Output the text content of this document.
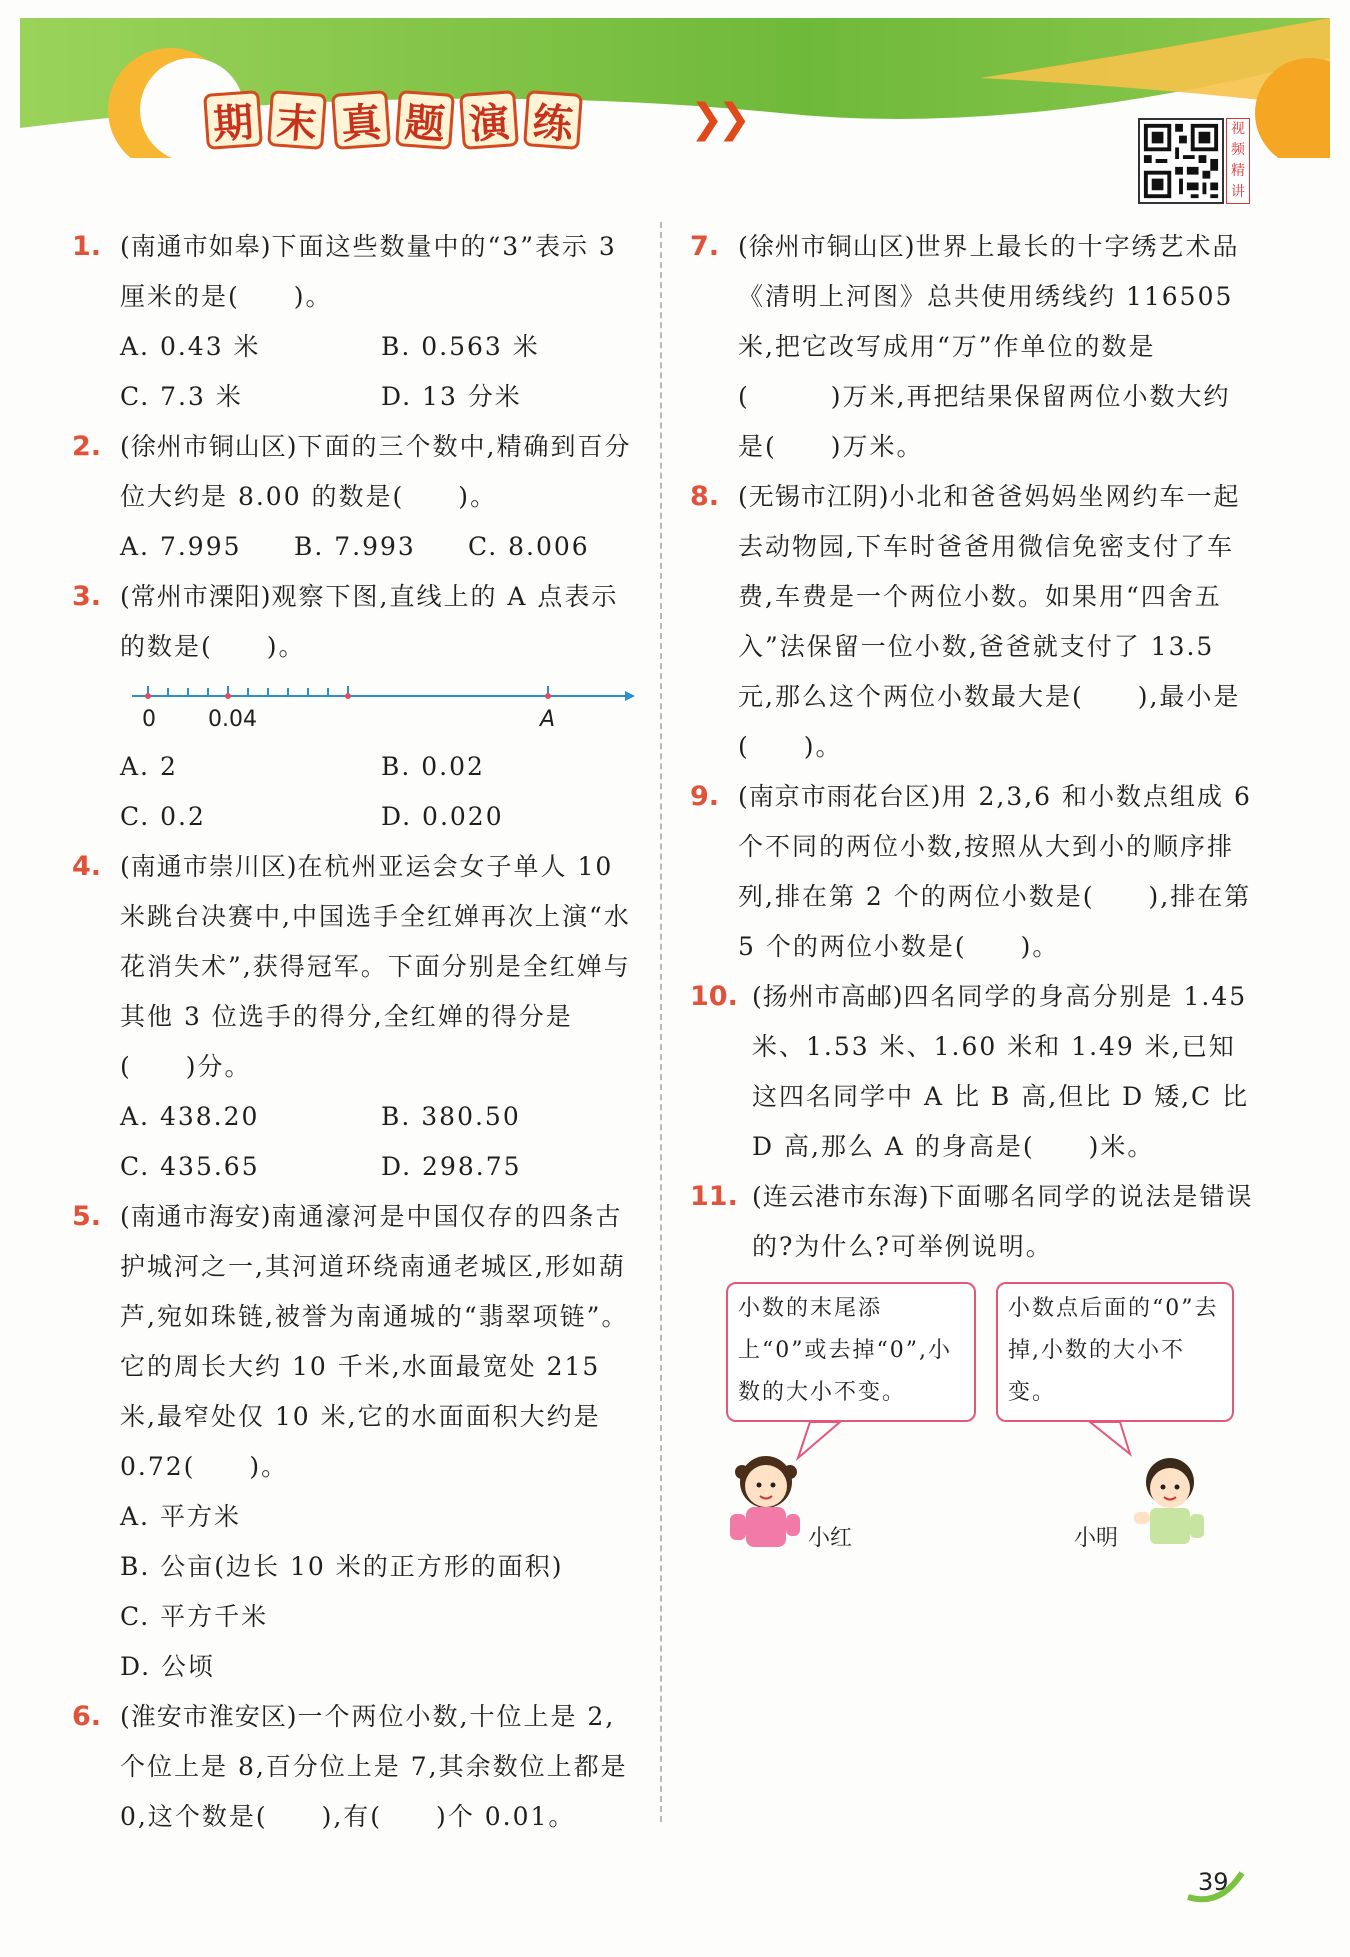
期 末 真 题 演 练	❯❯	视
频
精
讲
1. (南通市如皋)下面这些数量中的“3”表示 3 厘米的是(　　)。
A. 0.43 米	B. 0.563 米
C. 7.3 米	D. 13 分米
2. (徐州市铜山区)下面的三个数中,精确到百分位大约是 8.00 的数是(　　)。
A. 7.995	B. 7.993	C. 8.006
3. (常州市溧阳)观察下图,直线上的 A 点表示的数是(　　)。
0 0.04	A
A. 2	B. 0.02
C. 0.2	D. 0.020
4. (南通市崇川区)在杭州亚运会女子单人 10 米跳台决赛中,中国选手全红婵再次上演“水花消失术”,获得冠军。下面分别是全红婵与其他 3 位选手的得分,全红婵的得分是(　　)分。
A. 438.20	B. 380.50
C. 435.65	D. 298.75
5. (南通市海安)南通濠河是中国仅存的四条古护城河之一,其河道环绕南通老城区,形如葫芦,宛如珠链,被誉为南通城的“翡翠项链”。它的周长大约 10 千米,水面最宽处 215 米,最窄处仅 10 米,它的水面面积大约是 0.72(　　)。
A. 平方米
B. 公亩(边长 10 米的正方形的面积)
C. 平方千米
D. 公顷
6. (淮安市淮安区)一个两位小数,十位上是 2,个位上是 8,百分位上是 7,其余数位上都是 0,这个数是(　　),有(　　)个 0.01。
7. (徐州市铜山区)世界上最长的十字绣艺术品《清明上河图》总共使用绣线约 116505 米,把它改写成用“万”作单位的数是(　　　)万米,再把结果保留两位小数大约是(　　)万米。
8. (无锡市江阴)小北和爸爸妈妈坐网约车一起去动物园,下车时爸爸用微信免密支付了车费,车费是一个两位小数。如果用“四舍五入”法保留一位小数,爸爸就支付了 13.5 元,那么这个两位小数最大是(　　),最小是(　　)。
9. (南京市雨花台区)用 2,3,6 和小数点组成 6 个不同的两位小数,按照从大到小的顺序排列,排在第 2 个的两位小数是(　　),排在第 5 个的两位小数是(　　)。
10. (扬州市高邮)四名同学的身高分别是 1.45 米、1.53 米、1.60 米和 1.49 米,已知这四名同学中 A 比 B 高,但比 D 矮,C 比 D 高,那么 A 的身高是(　　)米。
11. (连云港市东海)下面哪名同学的说法是错误的?为什么?可举例说明。
小数的末尾添上“0”或去掉“0”,小数的大小不变。
小数点后面的“0”去掉,小数的大小不变。
小红	小明
39
